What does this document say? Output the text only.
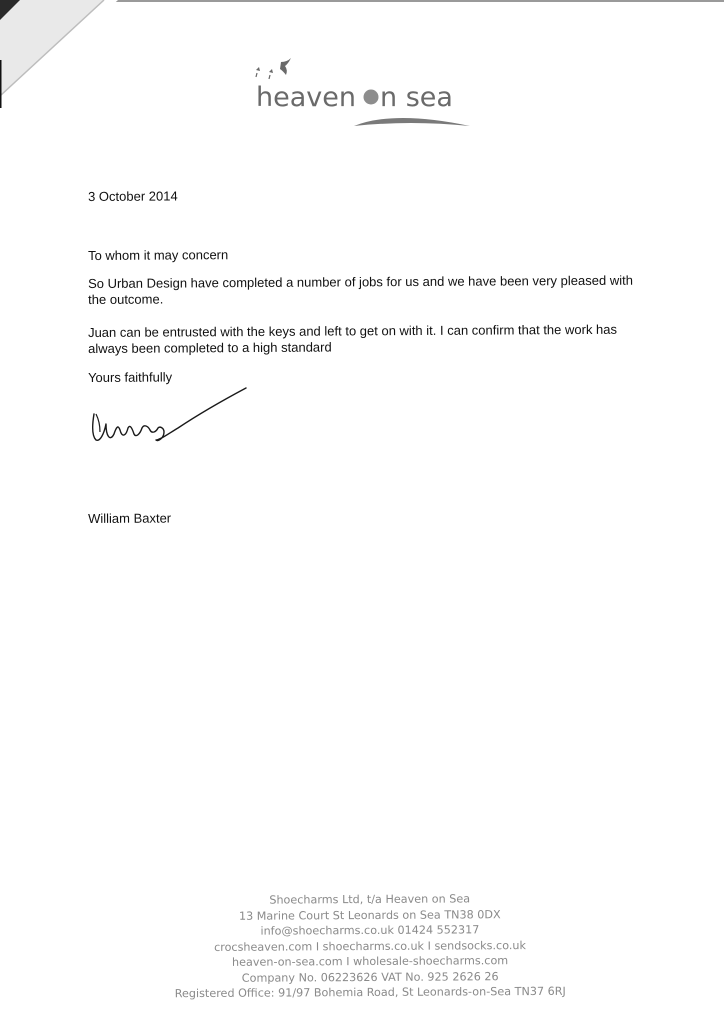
heaven n sea
3 October 2014
To whom it may concern
So Urban Design have completed a number of jobs for us and we have been very pleased with the outcome.
Juan can be entrusted with the keys and left to get on with it. I can confirm that the work has always been completed to a high standard
Yours faithfully
William Baxter
Shoecharms Ltd, t/a Heaven on Sea
13 Marine Court St Leonards on Sea TN38 0DX
info@shoecharms.co.uk 01424 552317
crocsheaven.com I shoecharms.co.uk I sendsocks.co.uk
heaven-on-sea.com I wholesale-shoecharms.com
Company No. 06223626 VAT No. 925 2626 26
Registered Office: 91/97 Bohemia Road, St Leonards-on-Sea TN37 6RJ
